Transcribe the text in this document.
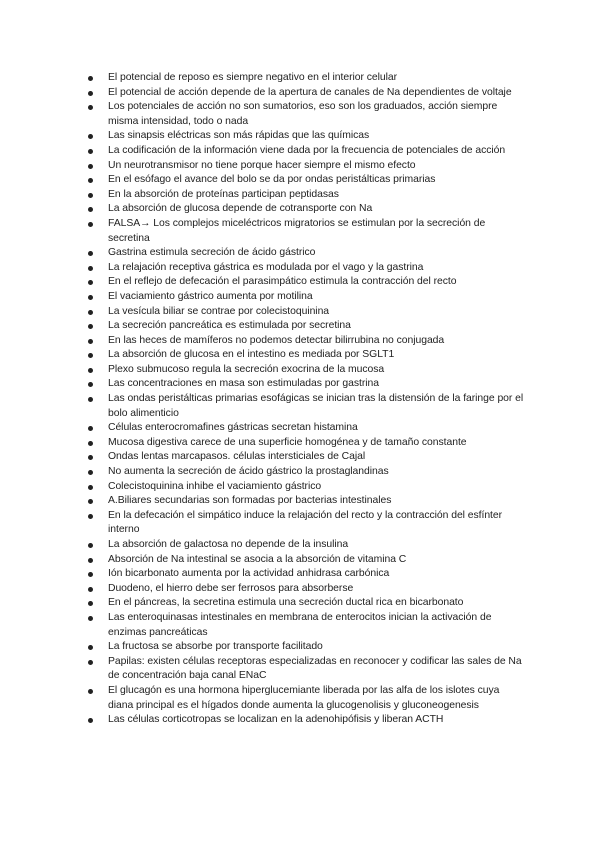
El potencial de reposo es siempre negativo en el interior celular
El potencial de acción depende de la apertura de canales de Na dependientes de voltaje
Los potenciales de acción no son sumatorios, eso son los graduados, acción siempre misma intensidad, todo o nada
Las sinapsis eléctricas son más rápidas que las químicas
La codificación de la información viene dada por la frecuencia de potenciales de acción
Un neurotransmisor no tiene porque hacer siempre el mismo efecto
En el esófago el avance del bolo se da por ondas peristálticas primarias
En la absorción de proteínas participan peptidasas
La absorción de glucosa depende de cotransporte con Na
FALSA→ Los complejos miceléctricos migratorios se estimulan por la secreción de secretina
Gastrina estimula secreción de ácido gástrico
La relajación receptiva gástrica es modulada por el vago y la gastrina
En el reflejo de defecación el parasimpático estimula la contracción del recto
El vaciamiento gástrico aumenta por motilina
La vesícula biliar se contrae por colecistoquinina
La secreción pancreática es estimulada por secretina
En las heces de mamíferos no podemos detectar bilirrubina no conjugada
La absorción de glucosa en el intestino es mediada por SGLT1
Plexo submucoso regula la secreción exocrina de la mucosa
Las concentraciones en masa son estimuladas por gastrina
Las ondas peristálticas primarias esofágicas se inician tras la distensión de la faringe por el bolo alimenticio
Células enterocromafines gástricas secretan histamina
Mucosa digestiva carece de una superficie homogénea y de tamaño constante
Ondas lentas marcapasos. células intersticiales de Cajal
No aumenta la secreción de ácido gástrico la prostaglandinas
Colecistoquinina inhibe el vaciamiento gástrico
A.Biliares secundarias son formadas por bacterias intestinales
En la defecación el simpático induce la relajación del recto y la contracción del esfínter interno
La absorción de galactosa no depende de la insulina
Absorción de Na intestinal se asocia a la absorción de vitamina C
Ión bicarbonato aumenta por la actividad anhidrasa carbónica
Duodeno, el hierro debe ser ferrosos para absorberse
En el páncreas, la secretina estimula una secreción ductal rica en bicarbonato
Las enteroquinasas intestinales en membrana de enterocitos inician la activación de enzimas pancreáticas
La fructosa se absorbe por transporte facilitado
Papilas: existen células receptoras especializadas en reconocer y codificar las sales de Na de concentración baja canal ENaC
El glucagón es una hormona hiperglucemiante liberada por las alfa de los islotes cuya diana principal es el hígados donde aumenta la glucogenolisis y gluconeogenesis
Las células corticotropas se localizan en la adenohipófisis y liberan ACTH
